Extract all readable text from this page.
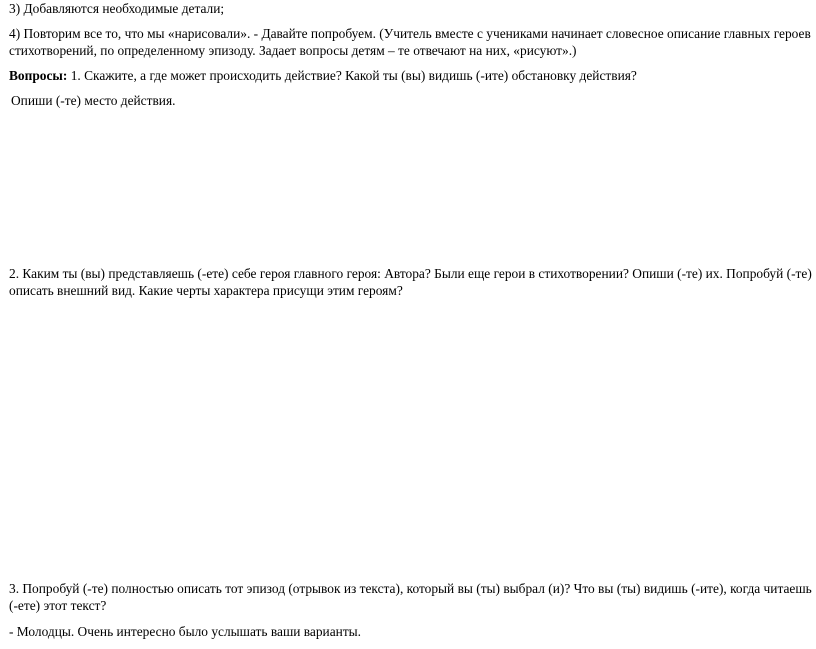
3) Добавляются необходимые детали;
4) Повторим все то, что мы «нарисовали». - Давайте попробуем. (Учитель вместе с учениками начинает словесное описание главных героев стихотворений, по определенному эпизоду. Задает вопросы детям – те отвечают на них, «рисуют».)
Вопросы: 1. Скажите, а где может происходить действие? Какой ты (вы) видишь (-ите) обстановку действия?
Опиши (-те) место действия.
2. Каким ты (вы) представляешь (-ете) себе героя главного героя: Автора? Были еще герои в стихотворении? Опиши (-те) их. Попробуй (-те) описать внешний вид. Какие черты характера присущи этим героям?
3. Попробуй (-те) полностью описать тот эпизод (отрывок из текста), который вы (ты) выбрал (и)? Что вы (ты) видишь (-ите), когда читаешь (-ете) этот текст?
- Молодцы. Очень интересно было услышать ваши варианты.
